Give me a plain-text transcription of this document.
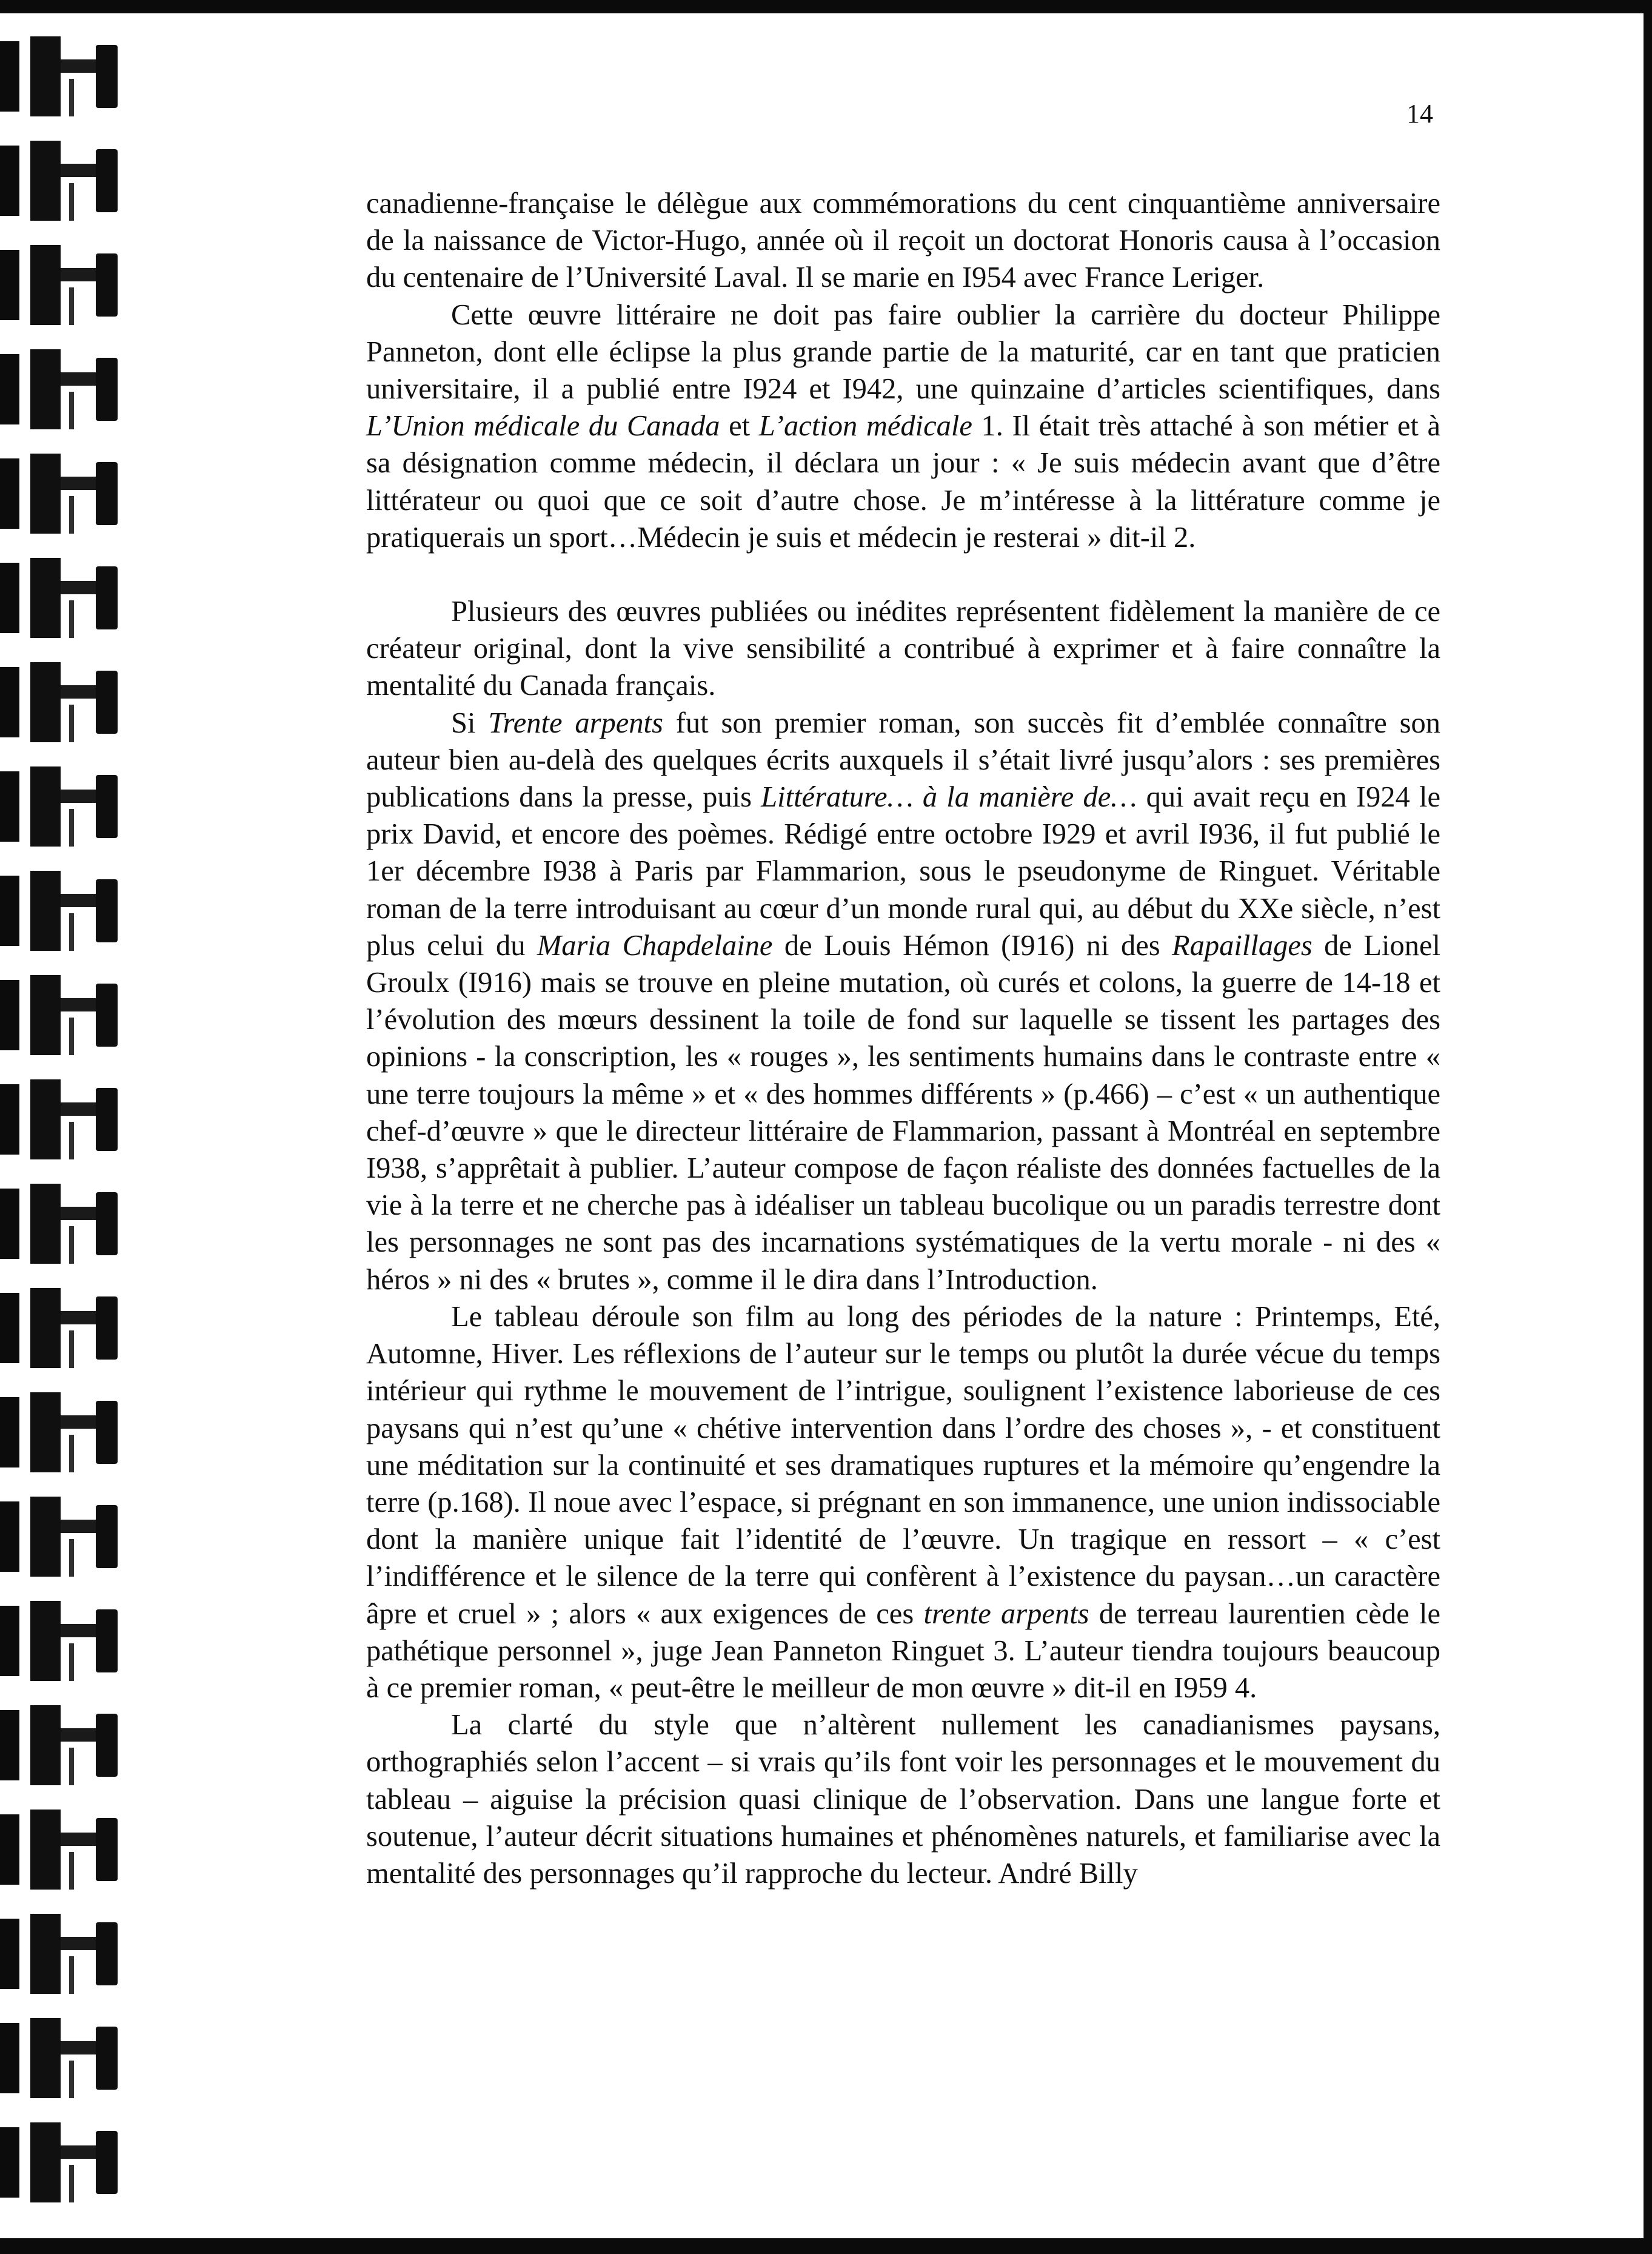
14

canadienne-française le délègue aux commémorations du cent cinquantième anniversaire de la naissance de Victor-Hugo, année où il reçoit un doctorat Honoris causa à l’occasion du centenaire de l’Université Laval. Il se marie en I954 avec France Leriger.

Cette œuvre littéraire ne doit pas faire oublier la carrière du docteur Philippe Panneton, dont elle éclipse la plus grande partie de la maturité, car en tant que praticien universitaire, il a publié entre I924 et I942, une quinzaine d’articles scientifiques, dans L’Union médicale du Canada et L’action médicale 1. Il était très attaché à son métier et à sa désignation comme médecin, il déclara un jour : « Je suis médecin avant que d’être littérateur ou quoi que ce soit d’autre chose. Je m’intéresse à la littérature comme je pratiquerais un sport…Médecin je suis et médecin je resterai » dit-il 2.

Plusieurs des œuvres publiées ou inédites représentent fidèlement la manière de ce créateur original, dont la vive sensibilité a contribué à exprimer et à faire connaître la mentalité du Canada français.

Si Trente arpents fut son premier roman, son succès fit d’emblée connaître son auteur bien au-delà des quelques écrits auxquels il s’était livré jusqu’alors : ses premières publications dans la presse, puis Littérature… à la manière de… qui avait reçu en I924 le prix David, et encore des poèmes. Rédigé entre octobre I929 et avril I936, il fut publié le 1er décembre I938 à Paris par Flammarion, sous le pseudonyme de Ringuet. Véritable roman de la terre introduisant au cœur d’un monde rural qui, au début du XXe siècle, n’est plus celui du Maria Chapdelaine de Louis Hémon (I916) ni des Rapaillages de Lionel Groulx (I916) mais se trouve en pleine mutation, où curés et colons, la guerre de 14-18 et l’évolution des mœurs dessinent la toile de fond sur laquelle se tissent les partages des opinions - la conscription, les « rouges », les sentiments humains dans le contraste entre « une terre toujours la même » et « des hommes différents » (p.466) – c’est « un authentique chef-d’œuvre » que le directeur littéraire de Flammarion, passant à Montréal en septembre I938, s’apprêtait à publier. L’auteur compose de façon réaliste des données factuelles de la vie à la terre et ne cherche pas à idéaliser un tableau bucolique ou un paradis terrestre dont les personnages ne sont pas des incarnations systématiques de la vertu morale - ni des « héros » ni des « brutes », comme il le dira dans l’Introduction.

Le tableau déroule son film au long des périodes de la nature : Printemps, Eté, Automne, Hiver. Les réflexions de l’auteur sur le temps ou plutôt la durée vécue du temps intérieur qui rythme le mouvement de l’intrigue, soulignent l’existence laborieuse de ces paysans qui n’est qu’une « chétive intervention dans l’ordre des choses », - et constituent une méditation sur la continuité et ses dramatiques ruptures et la mémoire qu’engendre la terre (p.168). Il noue avec l’espace, si prégnant en son immanence, une union indissociable dont la manière unique fait l’identité de l’œuvre. Un tragique en ressort – « c’est l’indifférence et le silence de la terre qui confèrent à l’existence du paysan…un caractère âpre et cruel » ; alors « aux exigences de ces trente arpents de terreau laurentien cède le pathétique personnel », juge Jean Panneton Ringuet 3. L’auteur tiendra toujours beaucoup à ce premier roman, « peut-être le meilleur de mon œuvre » dit-il en I959 4.

La clarté du style que n’altèrent nullement les canadianismes paysans, orthographiés selon l’accent – si vrais qu’ils font voir les personnages et le mouvement du tableau – aiguise la précision quasi clinique de l’observation. Dans une langue forte et soutenue, l’auteur décrit situations humaines et phénomènes naturels, et familiarise avec la mentalité des personnages qu’il rapproche du lecteur. André Billy
